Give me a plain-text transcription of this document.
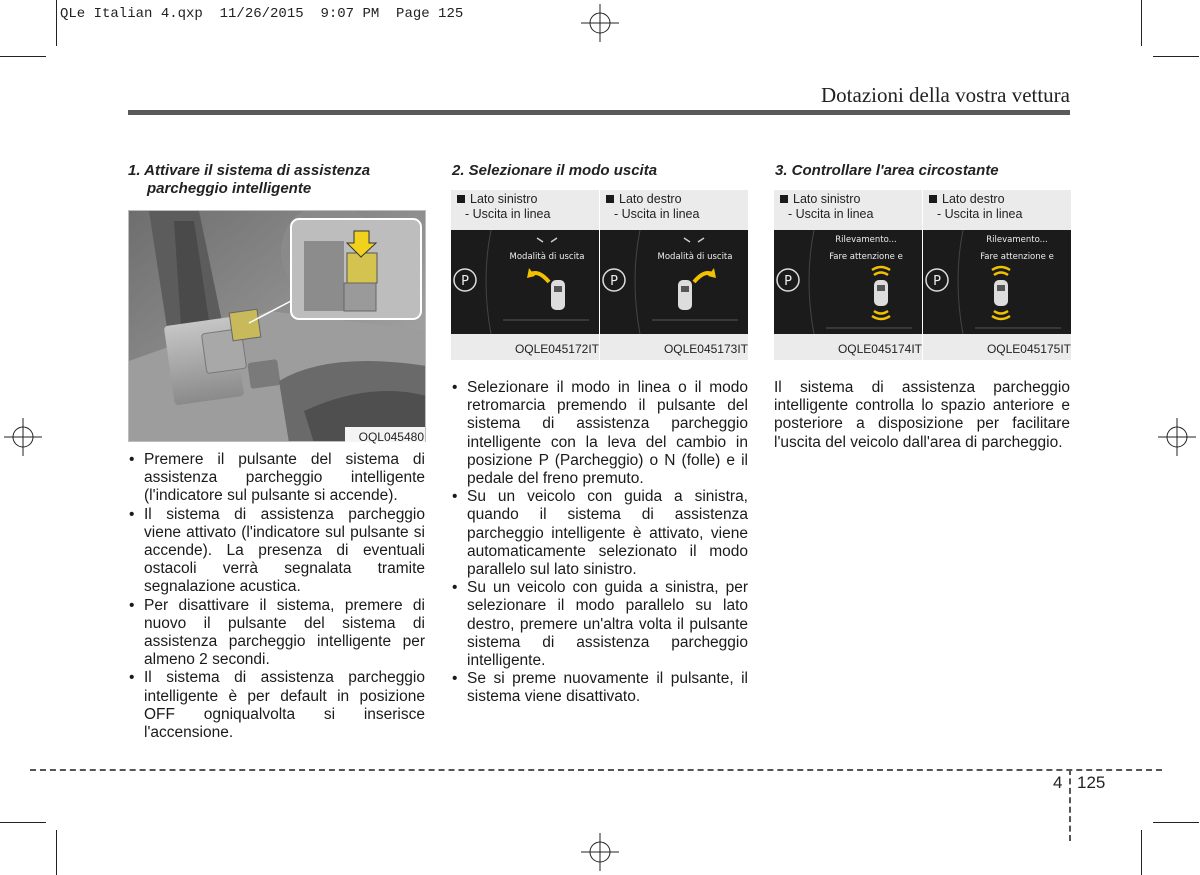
QLe Italian 4.qxp  11/26/2015  9:07 PM  Page 125
Dotazioni della vostra vettura
1. Attivare il sistema di assistenza
parcheggio intelligente
OQL045480
• Premere il pulsante del sistema di assistenza parcheggio intelligente (l'indicatore sul pulsante si accende).
• Il sistema di assistenza parcheggio viene attivato (l'indicatore sul pulsante si accende). La presenza di eventuali ostacoli verrà segnalata tramite segnalazione acustica.
• Per disattivare il sistema, premere di nuovo il pulsante del sistema di assistenza parcheggio intelligente per almeno 2 secondi.
• Il sistema di assistenza parcheggio intelligente è per default in posizione OFF ogniqualvolta si inserisce l'accensione.
2. Selezionare il modo uscita
Lato sinistro
- Uscita in linea
P
Modalità di uscita
OQLE045172IT
Lato destro
- Uscita in linea
P
Modalità di uscita
OQLE045173IT
• Selezionare il modo in linea o il modo retromarcia premendo il pulsante del sistema di assistenza parcheggio intelligente con la leva del cambio in posizione P (Parcheggio) o N (folle) e il pedale del freno premuto.
• Su un veicolo con guida a sinistra, quando il sistema di assistenza parcheggio intelligente è attivato, viene automaticamente selezionato il modo parallelo sul lato sinistro.
• Su un veicolo con guida a sinistra, per selezionare il modo parallelo su lato destro, premere un'altra volta il pulsante sistema di assistenza parcheggio intelligente.
• Se si preme nuovamente il pulsante, il sistema viene disattivato.
3. Controllare l'area circostante
Lato sinistro
- Uscita in linea
P
Rilevamento...
Fare attenzione e
OQLE045174IT
Lato destro
- Uscita in linea
P
Rilevamento...
Fare attenzione e
OQLE045175IT
Il sistema di assistenza parcheggio intelligente controlla lo spazio anteriore e posteriore a disposizione per facilitare l'uscita del veicolo dall'area di parcheggio.
4 125
